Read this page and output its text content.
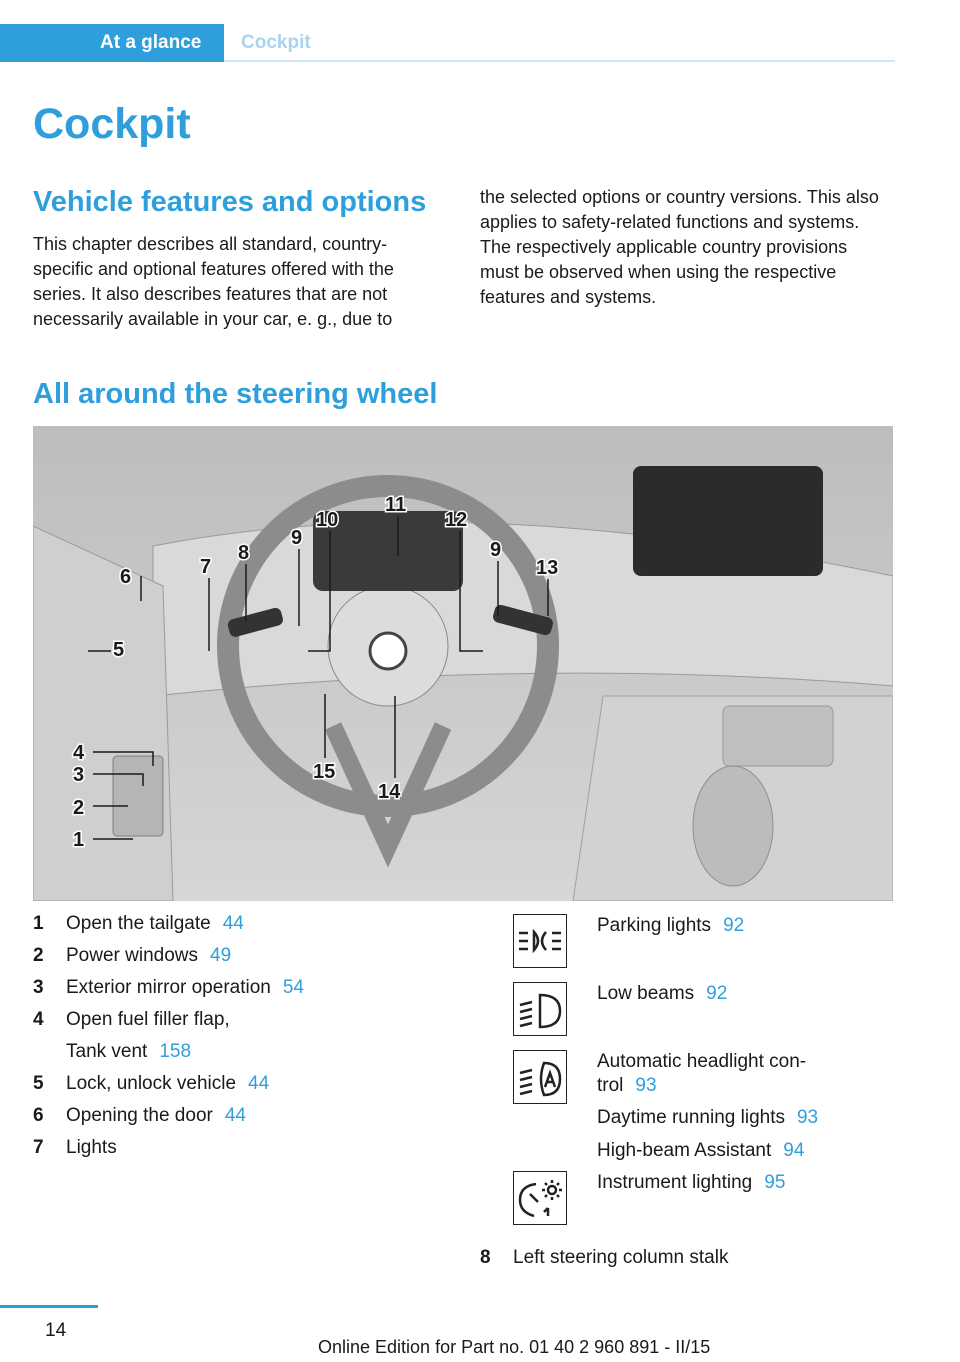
At a glance	Cockpit
Cockpit
Vehicle features and options

This chapter describes all standard, country-specific and optional features offered with the series. It also describes features that are not necessarily available in your car, e. g., due to

the selected options or country versions. This also applies to safety-related functions and systems. The respectively applicable country provisions must be observed when using the respective features and systems.

All around the steering wheel
1
2
3
4
5
6	7
8
9
10
11
12
9
13
14
15
1	Open the tailgate 44
2	Power windows 49
3	Exterior mirror operation 54
4	Open fuel filler flap,
Tank vent 158
5	Lock, unlock vehicle 44
6	Opening the door 44
7	Lights
Parking lights 92
Low beams 92
Automatic headlight con-
trol 93
Daytime running lights 93
High-beam Assistant 94
Instrument lighting 95
8	Left steering column stalk
14
Online Edition for Part no. 01 40 2 960 891 - II/15
